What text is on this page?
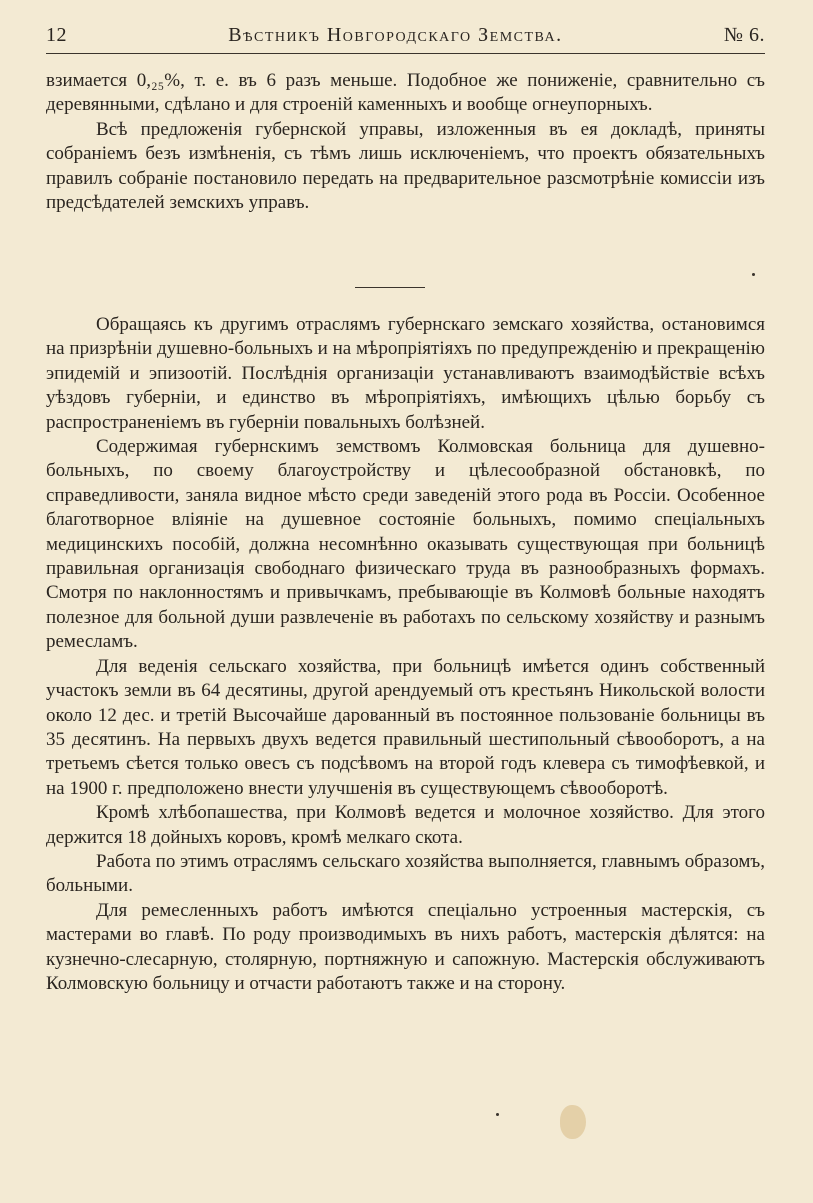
12	Вѣстникъ Новгородскаго Земства.	№ 6.

взимается 0,₂₅%, т. е. въ 6 разъ меньше. Подобное же пониженіе, сравнительно съ деревянными, сдѣлано и для строеній каменныхъ и вообще огнеупорныхъ.

Всѣ предложенія губернской управы, изложенныя въ ея докладѣ, приняты собраніемъ безъ измѣненія, съ тѣмъ лишь исключеніемъ, что проектъ обязательныхъ правилъ собраніе постановило передать на предварительное разсмотрѣніе комиссіи изъ предсѣдателей земскихъ управъ.

Обращаясь къ другимъ отраслямъ губернскаго земскаго хозяйства, остановимся на призрѣніи душевно-больныхъ и на мѣропріятіяхъ по предупрежденію и прекращенію эпидемій и эпизоотій. Послѣднія организаціи устанавливаютъ взаимодѣйствіе всѣхъ уѣздовъ губерніи, и единство въ мѣропріятіяхъ, имѣющихъ цѣлью борьбу съ распространеніемъ въ губерніи повальныхъ болѣзней.

Содержимая губернскимъ земствомъ Колмовская больница для душевно-больныхъ, по своему благоустройству и цѣлесообразной обстановкѣ, по справедливости, заняла видное мѣсто среди заведеній этого рода въ Россіи. Особенное благотворное вліяніе на душевное состояніе больныхъ, помимо спеціальныхъ медицинскихъ пособій, должна несомнѣнно оказывать существующая при больницѣ правильная организація свободнаго физическаго труда въ разнообразныхъ формахъ. Смотря по наклонностямъ и привычкамъ, пребывающіе въ Колмовѣ больные находятъ полезное для больной души развлеченіе въ работахъ по сельскому хозяйству и разнымъ ремесламъ.

Для веденія сельскаго хозяйства, при больницѣ имѣется одинъ собственный участокъ земли въ 64 десятины, другой арендуемый отъ крестьянъ Никольской волости около 12 дес. и третій Высочайше дарованный въ постоянное пользованіе больницы въ 35 десятинъ. На первыхъ двухъ ведется правильный шестипольный сѣвооборотъ, а на третьемъ сѣется только овесъ съ подсѣвомъ на второй годъ клевера съ тимофѣевкой, и на 1900 г. предположено внести улучшенія въ существующемъ сѣвооборотѣ.

Кромѣ хлѣбопашества, при Колмовѣ ведется и молочное хозяйство. Для этого держится 18 дойныхъ коровъ, кромѣ мелкаго скота.

Работа по этимъ отраслямъ сельскаго хозяйства выполняется, главнымъ образомъ, больными.

Для ремесленныхъ работъ имѣются спеціально устроенныя мастерскія, съ мастерами во главѣ. По роду производимыхъ въ нихъ работъ, мастерскія дѣлятся: на кузнечно-слесарную, столярную, портняжную и сапожную. Мастерскія обслуживаютъ Колмовскую больницу и отчасти работаютъ также и на сторону.
